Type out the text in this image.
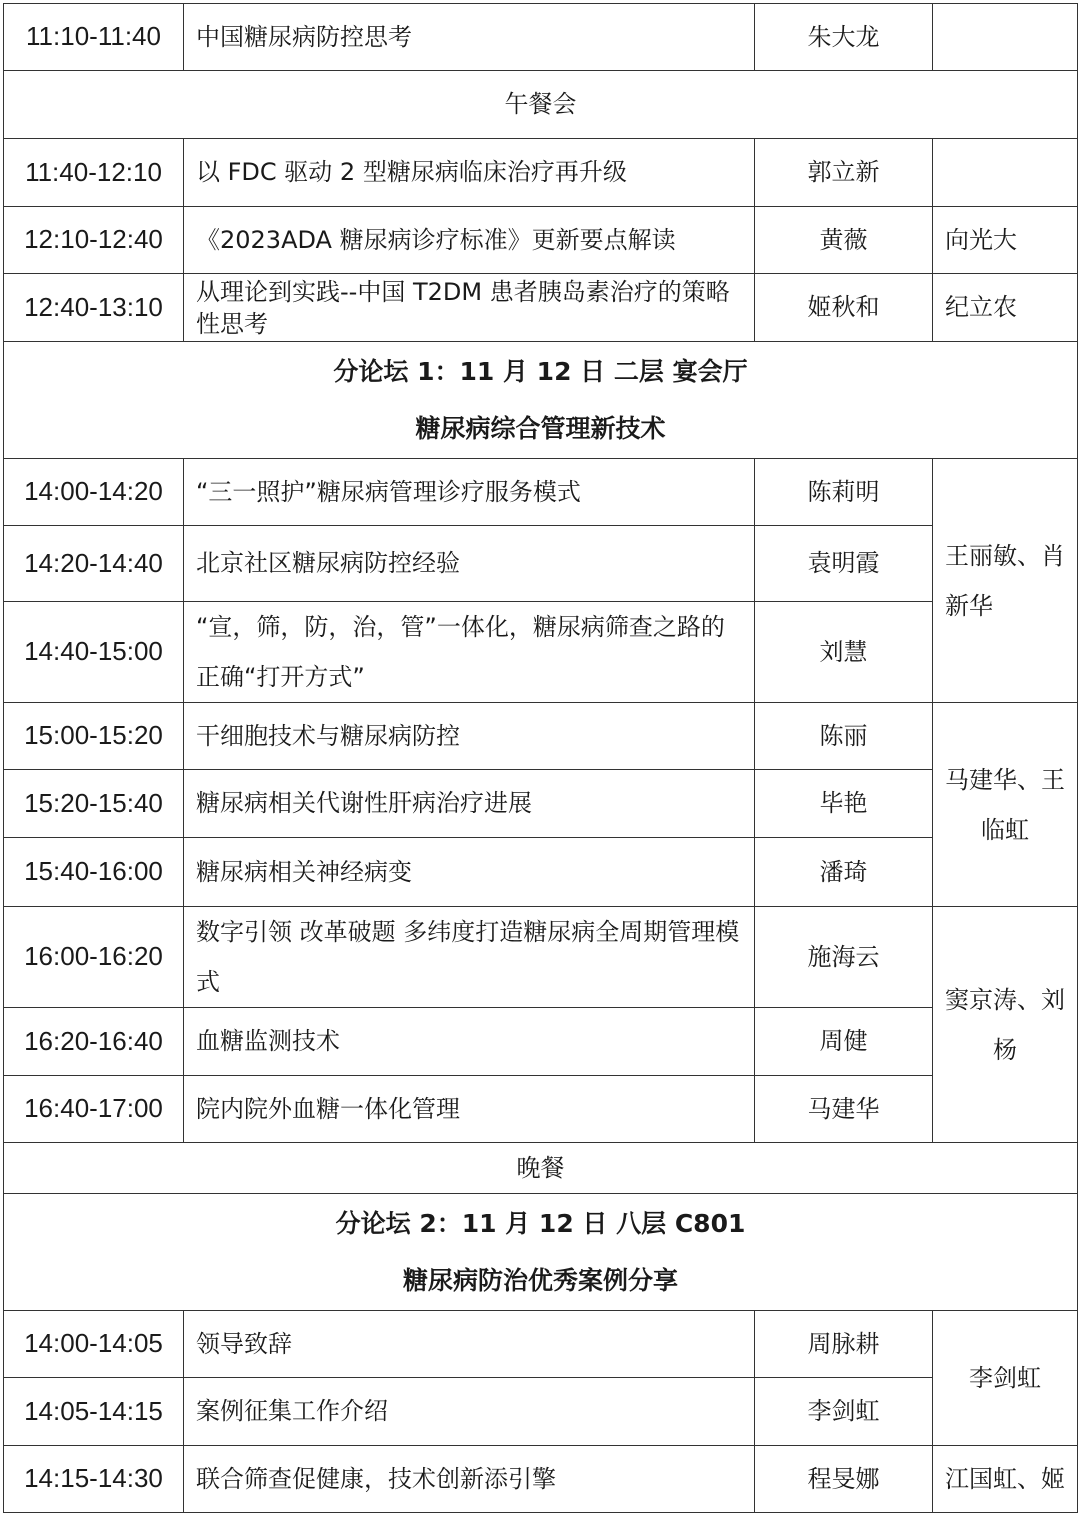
11:10-11:40	中国糖尿病防控思考	朱大龙	
午餐会			
11:40-12:10	以 FDC 驱动 2 型糖尿病临床治疗再升级	郭立新	
12:10-12:40	《2023ADA 糖尿病诊疗标准》更新要点解读	黄薇	向光大
12:40-13:10	从理论到实践--中国 T2DM 患者胰岛素治疗的策略性思考	姬秋和	纪立农

分论坛 1：11 月 12 日 二层 宴会厅
糖尿病综合管理新技术			

14:00-14:20	“三一照护”糖尿病管理诊疗服务模式	陈莉明	王丽敏、肖新华
14:20-14:40	北京社区糖尿病防控经验	袁明霞	
14:40-15:00	“宣，筛，防，治，管”一体化，糖尿病筛查之路的正确“打开方式”	刘慧	
15:00-15:20	干细胞技术与糖尿病防控	陈丽	马建华、王临虹
15:20-15:40	糖尿病相关代谢性肝病治疗进展	毕艳	
15:40-16:00	糖尿病相关神经病变	潘琦	
16:00-16:20	数字引领 改革破题 多纬度打造糖尿病全周期管理模式	施海云	窦京涛、刘杨
16:20-16:40	血糖监测技术	周健	
16:40-17:00	院内院外血糖一体化管理	马建华	
晚餐			

分论坛 2：11 月 12 日 八层 C801
糖尿病防治优秀案例分享			

14:00-14:05	领导致辞	周脉耕	李剑虹
14:05-14:15	案例征集工作介绍	李剑虹	
14:15-14:30	联合筛查促健康，技术创新添引擎	程旻娜	江国虹、姬
